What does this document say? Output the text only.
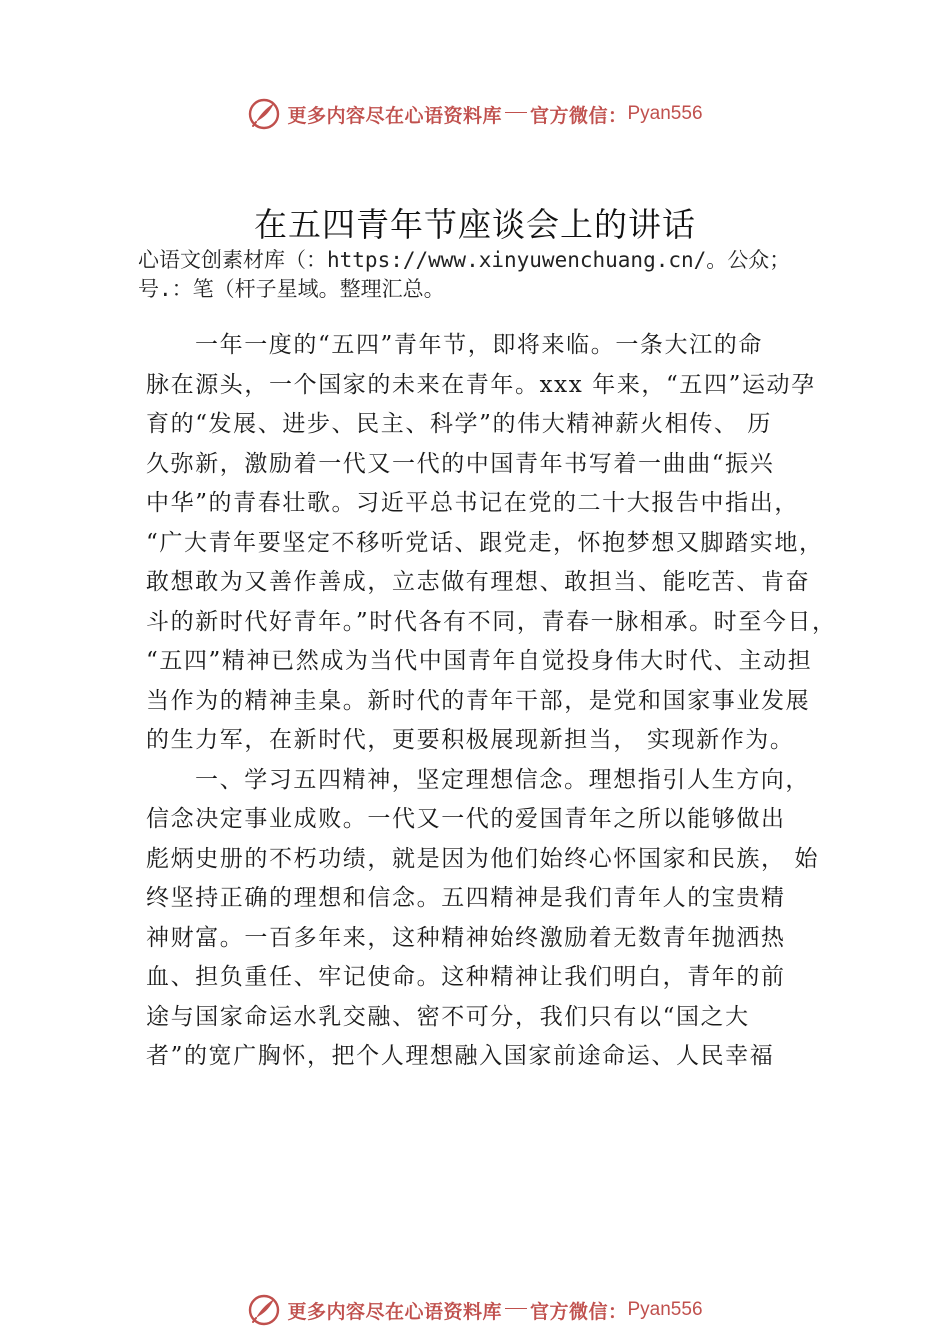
更多内容尽在心语资料库 官方微信： Pyan556
在五四青年节座谈会上的讲话
心语文创素材库（：https://www.xinyuwenchuang.cn/。公众；
号.：笔（杆子星域。整理汇总。
一年一度的“五四”青年节，即将来临。一条大江的命
脉在源头，一个国家的未来在青年。xxx 年来，“五四”运动孕
育的“发展、进步、民主、科学”的伟大精神薪火相传、 历
久弥新，激励着一代又一代的中国青年书写着一曲曲“振兴
中华”的青春壮歌。习近平总书记在党的二十大报告中指出，
“广大青年要坚定不移听党话、跟党走，怀抱梦想又脚踏实地，
敢想敢为又善作善成，立志做有理想、敢担当、能吃苦、肯奋
斗的新时代好青年。”时代各有不同，青春一脉相承。时至今日，
“五四”精神已然成为当代中国青年自觉投身伟大时代、主动担
当作为的精神圭臬。新时代的青年干部，是党和国家事业发展
的生力军，在新时代，更要积极展现新担当， 实现新作为。
一、学习五四精神，坚定理想信念。理想指引人生方向，
信念决定事业成败。一代又一代的爱国青年之所以能够做出
彪炳史册的不朽功绩，就是因为他们始终心怀国家和民族， 始
终坚持正确的理想和信念。五四精神是我们青年人的宝贵精
神财富。一百多年来，这种精神始终激励着无数青年抛洒热
血、担负重任、牢记使命。这种精神让我们明白，青年的前
途与国家命运水乳交融、密不可分，我们只有以“国之大
者”的宽广胸怀，把个人理想融入国家前途命运、人民幸福
更多内容尽在心语资料库 官方微信： Pyan556
